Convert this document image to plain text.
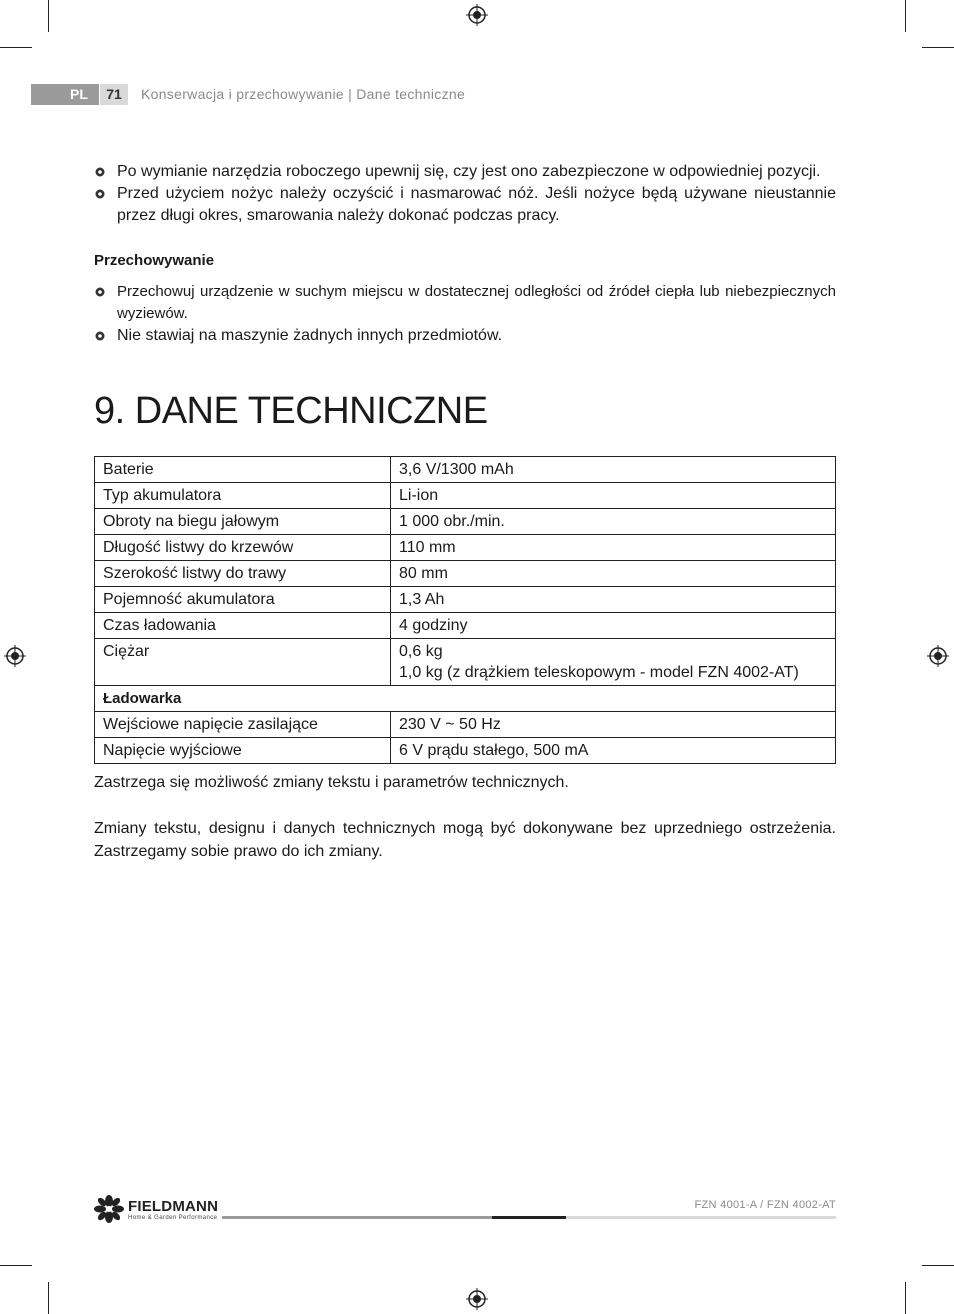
PL	71	Konserwacja i przechowywanie | Dane techniczne
Po wymianie narzędzia roboczego upewnij się, czy jest ono zabezpieczone w odpowiedniej pozycji.
Przed użyciem nożyc należy oczyścić i nasmarować nóż. Jeśli nożyce będą używane nieustannie przez długi okres, smarowania należy dokonać podczas pracy.
Przechowywanie
Przechowuj urządzenie w suchym miejscu w dostatecznej odległości od źródeł ciepła lub niebezpiecznych wyziewów.
Nie stawiaj na maszynie żadnych innych przedmiotów.
9. DANE TECHNICZNE
Baterie	3,6 V/1300 mAh
Typ akumulatora	Li-ion
Obroty na biegu jałowym	1 000 obr./min.
Długość listwy do krzewów	110 mm
Szerokość listwy do trawy	80 mm
Pojemność akumulatora	1,3 Ah
Czas ładowania	4 godziny
Ciężar	0,6 kg
1,0 kg (z drążkiem teleskopowym - model FZN 4002-AT)

Ładowarka	
Wejściowe napięcie zasilające	230 V ~ 50 Hz
Napięcie wyjściowe	6 V prądu stałego, 500 mA
Zastrzega się możliwość zmiany tekstu i parametrów technicznych.
Zmiany tekstu, designu i danych technicznych mogą być dokonywane bez uprzedniego ostrzeżenia. Zastrzegamy sobie prawo do ich zmiany.
FIELDMANN
Home & Garden Performance
FZN 4001-A / FZN 4002-AT
